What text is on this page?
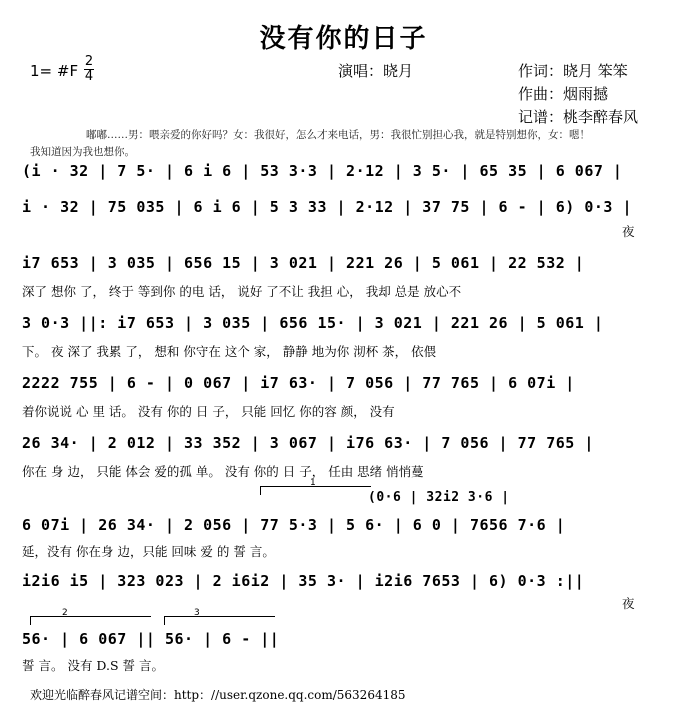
没有你的日子
1= #F
2
4	演唱：晓月	作词：晓月 笨笨
作曲：烟雨撼
记谱：桃李醉春风
嘟嘟……男：喂亲爱的你好吗？女：我很好，怎么才来电话，男：我很忙别担心我，就是特别想你，女：嗯！
我知道因为我也想你。
(i · 32 | 7 5· | 6 i 6 | 53 3·3 | 2·12 | 3 5· | 65 35 | 6 067 |
i · 32 | 75 035 | 6 i 6 | 5 3 33 | 2·12 | 37 75 | 6 - | 6) 0·3 |
夜
i7 653 | 3 035 | 656 15 | 3 021 | 221 26 | 5 061 | 22 532 |
深了 想你 了， 终于 等到你 的电 话， 说好 了不让 我担 心， 我却 总是 放心不
3 0·3 ||: i7 653 | 3 035 | 656 15· | 3 021 | 221 26 | 5 061 |
下。 夜 深了 我累 了， 想和 你守在 这个 家， 静静 地为你 沏杯 茶， 依偎
2222 755 | 6 - | 0 067 | i7 63· | 7 056 | 77 765 | 6 07i |
着你说说 心 里 话。 没有 你的 日 子， 只能 回忆 你的容 颜， 没有
26 34· | 2 012 | 33 352 | 3 067 | i76 63· | 7 056 | 77 765 |
你在 身 边， 只能 体会 爱的孤 单。 没有 你的 日 子， 任由 思绪 悄悄蔓
1
(0·6 | 32i2 3·6 |
6 07i | 26 34· | 2 056 | 77 5·3 | 5 6· | 6 0 | 7656 7·6 |
延，没有 你在身 边，只能 回味 爱 的 誓 言。
i2i6 i5 | 323 023 | 2 i6i2 | 35 3· | i2i6 7653 | 6) 0·3 :||
夜
2	3
56· | 6 067 || 56· | 6 - ||
誓 言。 没有 D.S 誓 言。
欢迎光临醉春风记谱空间：http：//user.qzone.qq.com/563264185
